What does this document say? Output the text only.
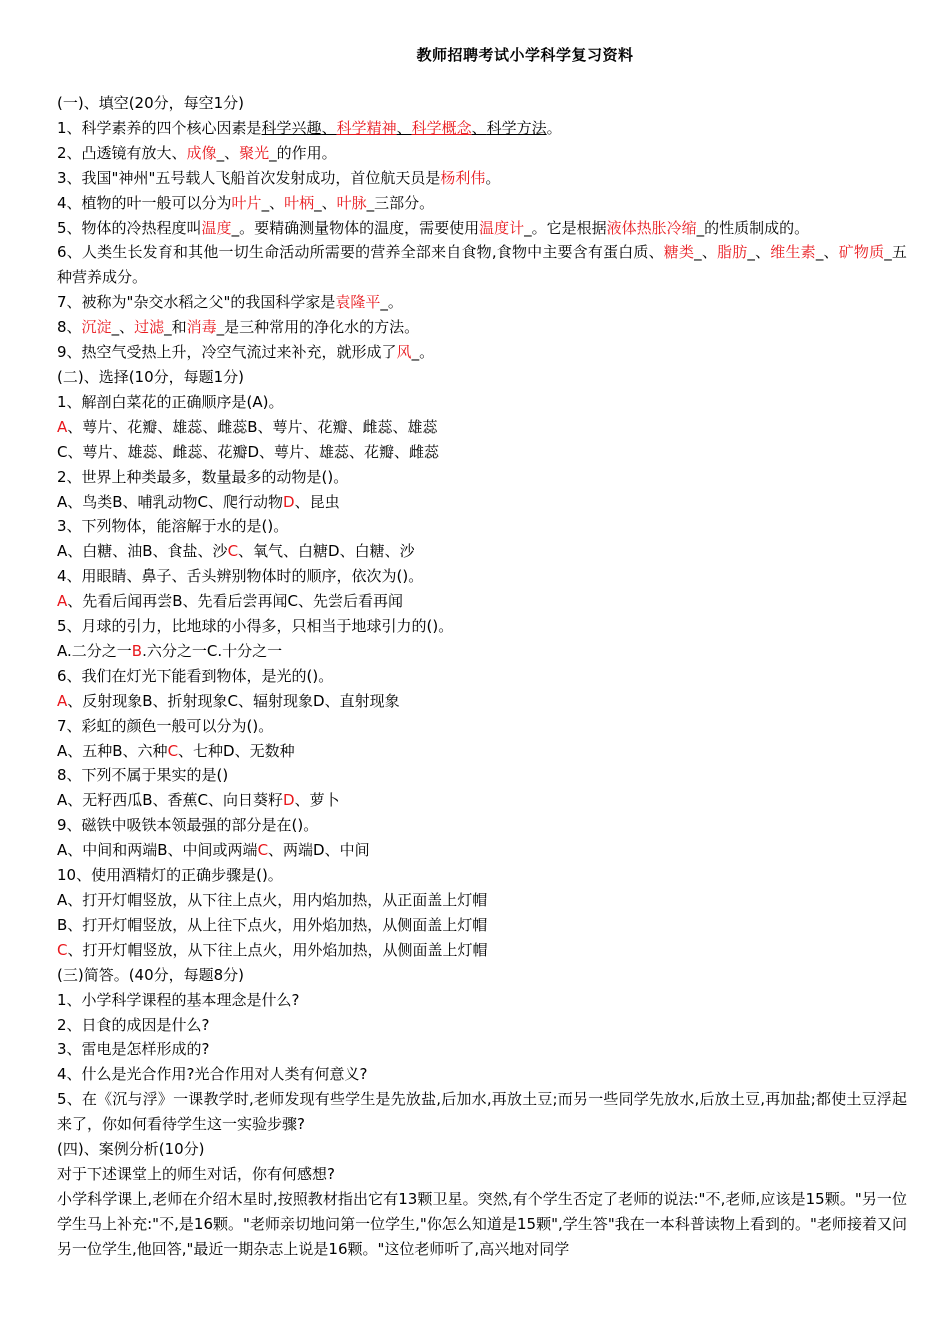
教师招聘考试小学科学复习资料
(一)、填空(20分，每空1分)
1、科学素养的四个核心因素是科学兴趣、科学精神、科学概念、科学方法。
2、凸透镜有放大、成像_、聚光_的作用。
3、我国"神州"五号载人飞船首次发射成功，首位航天员是杨利伟。
4、植物的叶一般可以分为叶片_、叶柄_、叶脉_三部分。
5、物体的冷热程度叫温度_。要精确测量物体的温度，需要使用温度计_。它是根据液体热胀冷缩_的性质制成的。
6、人类生长发育和其他一切生命活动所需要的营养全部来自食物,食物中主要含有蛋白质、糖类_、脂肪_、维生素_、矿物质_五种营养成分。
7、被称为"杂交水稻之父"的我国科学家是袁隆平_。
8、沉淀_、过滤_和消毒_是三种常用的净化水的方法。
9、热空气受热上升，冷空气流过来补充，就形成了风_。
(二)、选择(10分，每题1分)
1、解剖白菜花的正确顺序是(A)。
A、萼片、花瓣、雄蕊、雌蕊B、萼片、花瓣、雌蕊、雄蕊
C、萼片、雄蕊、雌蕊、花瓣D、萼片、雄蕊、花瓣、雌蕊
2、世界上种类最多，数量最多的动物是()。
A、鸟类B、哺乳动物C、爬行动物D、昆虫
3、下列物体，能溶解于水的是()。
A、白糖、油B、食盐、沙C、氧气、白糖D、白糖、沙
4、用眼睛、鼻子、舌头辨别物体时的顺序，依次为()。
A、先看后闻再尝B、先看后尝再闻C、先尝后看再闻
5、月球的引力，比地球的小得多，只相当于地球引力的()。
A.二分之一B.六分之一C.十分之一
6、我们在灯光下能看到物体，是光的()。
A、反射现象B、折射现象C、辐射现象D、直射现象
7、彩虹的颜色一般可以分为()。
A、五种B、六种C、七种D、无数种
8、下列不属于果实的是()
A、无籽西瓜B、香蕉C、向日葵籽D、萝卜
9、磁铁中吸铁本领最强的部分是在()。
A、中间和两端B、中间或两端C、两端D、中间
10、使用酒精灯的正确步骤是()。
A、打开灯帽竖放，从下往上点火，用内焰加热，从正面盖上灯帽
B、打开灯帽竖放，从上往下点火，用外焰加热，从侧面盖上灯帽
C、打开灯帽竖放，从下往上点火，用外焰加热，从侧面盖上灯帽
(三)简答。(40分，每题8分)
1、小学科学课程的基本理念是什么?
2、日食的成因是什么?
3、雷电是怎样形成的?
4、什么是光合作用?光合作用对人类有何意义?
5、在《沉与浮》一课教学时,老师发现有些学生是先放盐,后加水,再放土豆;而另一些同学先放水,后放土豆,再加盐;都使土豆浮起来了，你如何看待学生这一实验步骤?
(四)、案例分析(10分)
对于下述课堂上的师生对话，你有何感想?
小学科学课上,老师在介绍木星时,按照教材指出它有13颗卫星。突然,有个学生否定了老师的说法:"不,老师,应该是15颗。"另一位学生马上补充:"不,是16颗。"老师亲切地问第一位学生,"你怎么知道是15颗",学生答"我在一本科普读物上看到的。"老师接着又问另一位学生,他回答,"最近一期杂志上说是16颗。"这位老师听了,高兴地对同学
